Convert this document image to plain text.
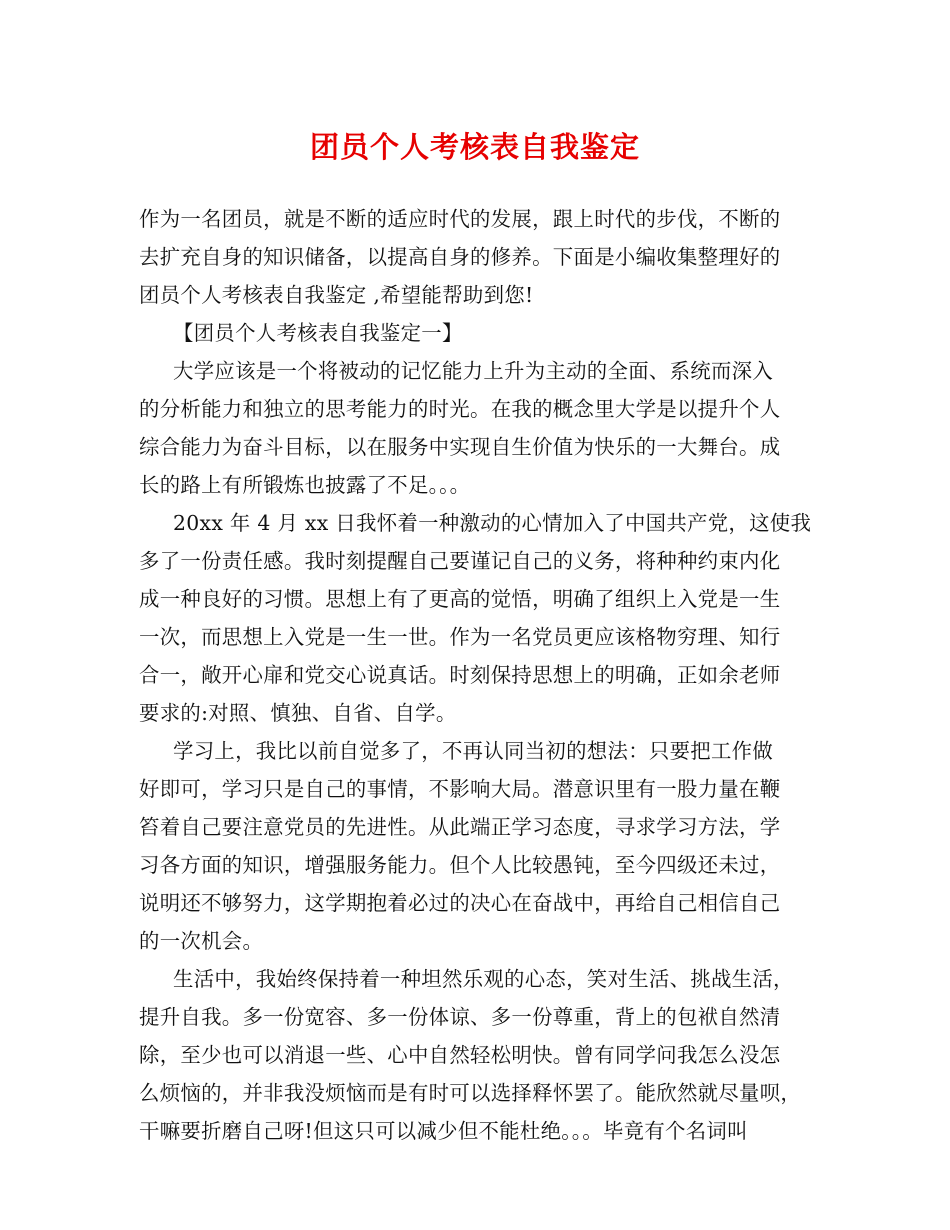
团员个人考核表自我鉴定
作为一名团员，就是不断的适应时代的发展，跟上时代的步伐，不断的
去扩充自身的知识储备，以提高自身的修养。下面是小编收集整理好的
团员个人考核表自我鉴定 ,希望能帮助到您!
【团员个人考核表自我鉴定一】
大学应该是一个将被动的记忆能力上升为主动的全面、系统而深入
的分析能力和独立的思考能力的时光。在我的概念里大学是以提升个人
综合能力为奋斗目标，以在服务中实现自生价值为快乐的一大舞台。成
长的路上有所锻炼也披露了不足。。。
20xx 年 4 月 xx 日我怀着一种激动的心情加入了中国共产党，这使我
多了一份责任感。我时刻提醒自己要谨记自己的义务，将种种约束内化
成一种良好的习惯。思想上有了更高的觉悟，明确了组织上入党是一生
一次，而思想上入党是一生一世。作为一名党员更应该格物穷理、知行
合一，敞开心扉和党交心说真话。时刻保持思想上的明确，正如余老师
要求的:对照、慎独、自省、自学。
学习上，我比以前自觉多了，不再认同当初的想法：只要把工作做
好即可，学习只是自己的事情，不影响大局。潜意识里有一股力量在鞭
笞着自己要注意党员的先进性。从此端正学习态度，寻求学习方法，学
习各方面的知识，增强服务能力。但个人比较愚钝，至今四级还未过，
说明还不够努力，这学期抱着必过的决心在奋战中，再给自己相信自己
的一次机会。
生活中，我始终保持着一种坦然乐观的心态，笑对生活、挑战生活，
提升自我。多一份宽容、多一份体谅、多一份尊重，背上的包袱自然清
除，至少也可以消退一些、心中自然轻松明快。曾有同学问我怎么没怎
么烦恼的，并非我没烦恼而是有时可以选择释怀罢了。能欣然就尽量呗，
干嘛要折磨自己呀!但这只可以减少但不能杜绝。。。毕竟有个名词叫
